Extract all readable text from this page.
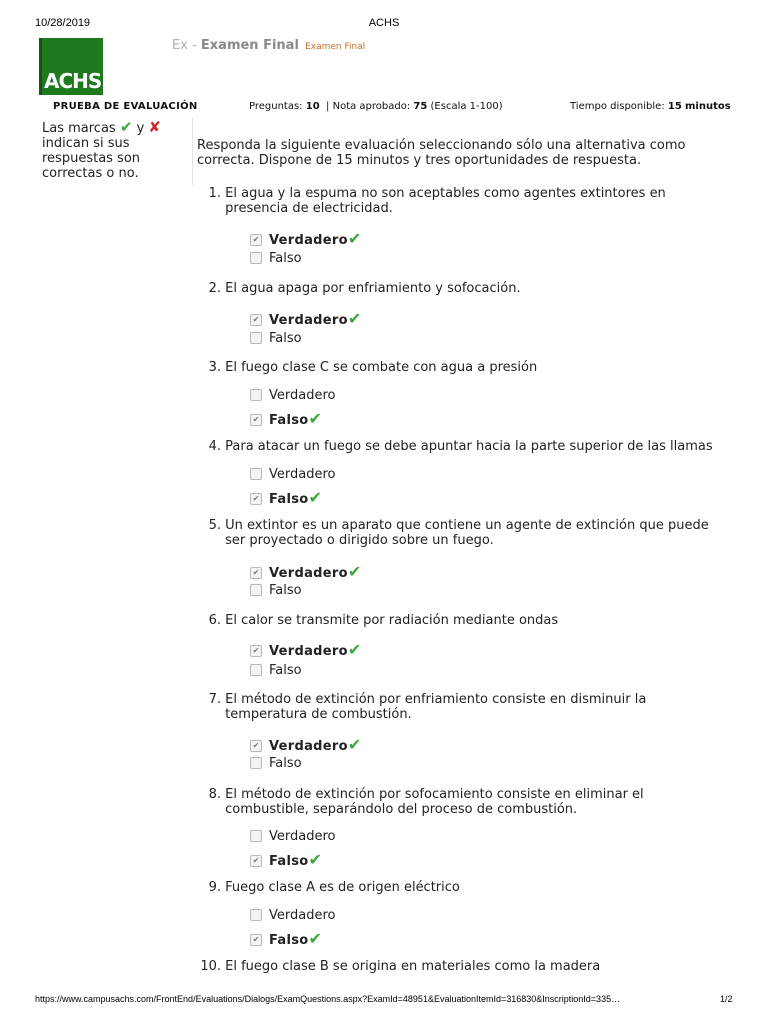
10/28/2019	ACHS
ACHS
Ex - Examen Final Examen Final
PRUEBA DE EVALUACIÓN	Preguntas: 10 | Nota aprobado: 75 (Escala 1-100)	Tiempo disponible: 15 minutos
Las marcas ✔ y ✘ indican si sus respuestas son correctas o no.
Responda la siguiente evaluación seleccionando sólo una alternativa como correcta. Dispone de 15 minutos y tres oportunidades de respuesta.
1. El agua y la espuma no son aceptables como agentes extintores en presencia de electricidad.
✔ Verdadero✔
Falso
2. El agua apaga por enfriamiento y sofocación.
✔ Verdadero✔
Falso
3. El fuego clase C se combate con agua a presión
Verdadero
✔ Falso✔
4. Para atacar un fuego se debe apuntar hacia la parte superior de las llamas
Verdadero
✔ Falso✔
5. Un extintor es un aparato que contiene un agente de extinción que puede ser proyectado o dirigido sobre un fuego.
✔ Verdadero✔
Falso
6. El calor se transmite por radiación mediante ondas
✔ Verdadero✔
Falso
7. El método de extinción por enfriamiento consiste en disminuir la temperatura de combustión.
✔ Verdadero✔
Falso
8. El método de extinción por sofocamiento consiste en eliminar el combustible, separándolo del proceso de combustión.
Verdadero
✔ Falso✔
9. Fuego clase A es de origen eléctrico
Verdadero
✔ Falso✔
10. El fuego clase B se origina en materiales como la madera
https://www.campusachs.com/FrontEnd/Evaluations/Dialogs/ExamQuestions.aspx?ExamId=48951&EvaluationItemId=316830&InscriptionId=335…	1/2
